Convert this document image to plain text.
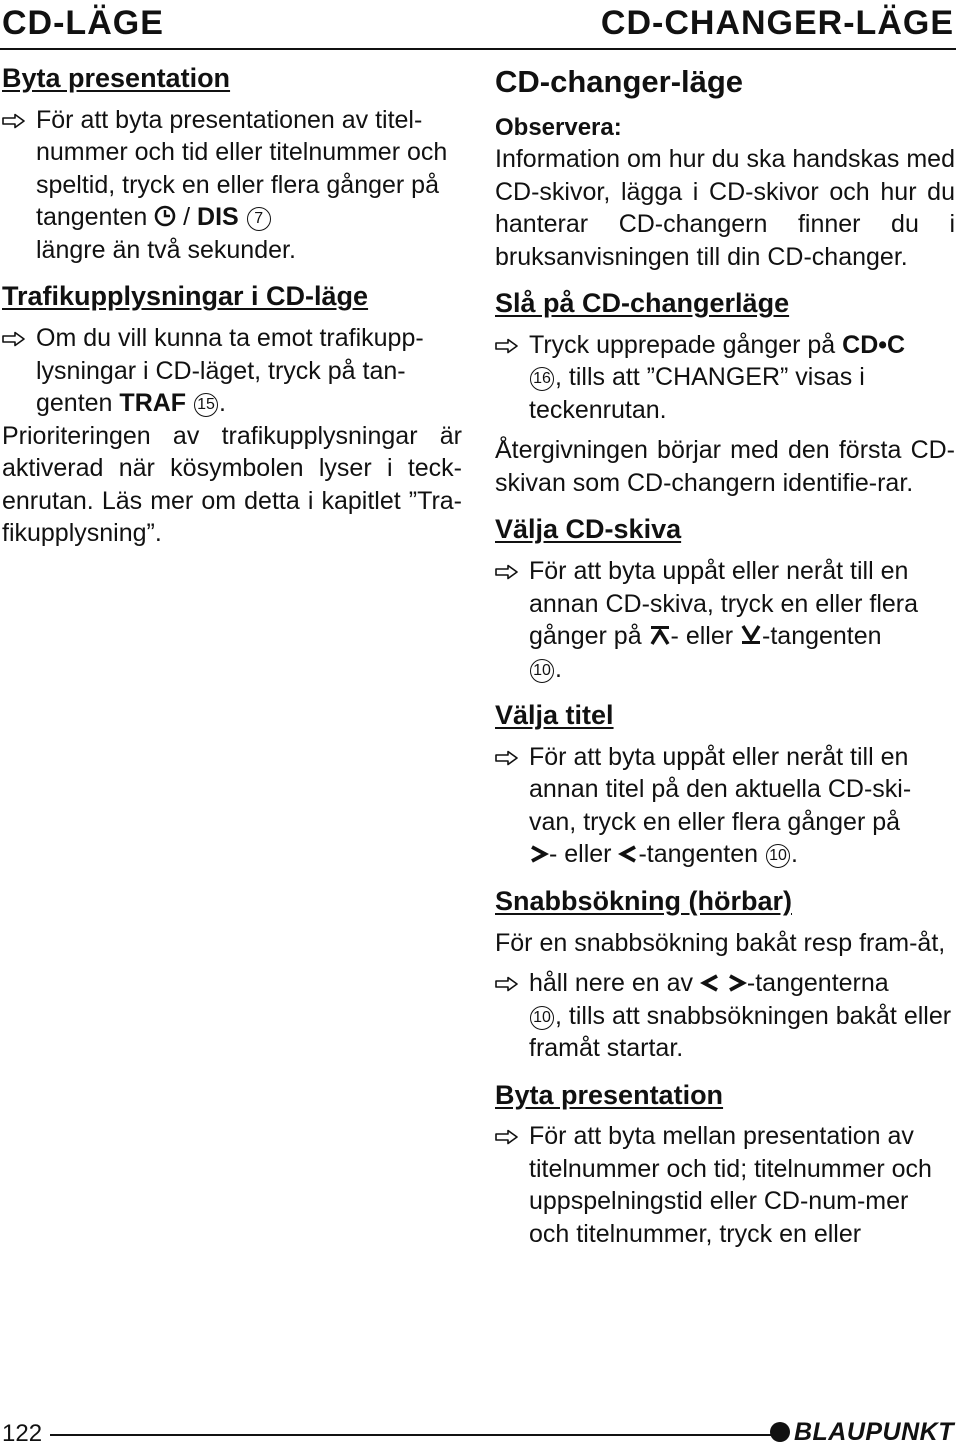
CD-LÄGE	CD-CHANGER-LÄGE
Byta presentation

För att byta presentationen av titel-nummer och tid eller titelnummer och speltid, tryck en eller flera gånger på tangenten  / DIS 7
längre än två sekunder.

Trafikupplysningar i CD-läge

Om du vill kunna ta emot trafikupp-lysningar i CD-läget, tryck på tan-genten TRAF 15 .

Prioriteringen av trafikupplysningar är aktiverad när kösymbolen lyser i teck-enrutan. Läs mer om detta i kapitlet ”Tra-fikupplysning”.

CD-changer-läge
Observera:

Information om hur du ska handskas med CD-skivor, lägga i CD-skivor och hur du hanterar CD-changern finner du i bruksanvisningen till din CD-changer.

Slå på CD-changerläge

Tryck upprepade gånger på CD•C
16 , tills att ”CHANGER” visas i teckenrutan.

Återgivningen börjar med den första CD-skivan som CD-changern identifie-rar.

Välja CD-skiva

För att byta uppåt eller neråt till en annan CD-skiva, tryck en eller flera gånger på - eller -tangenten
10 .

Välja titel

För att byta uppåt eller neråt till en annan titel på den aktuella CD-ski-van, tryck en eller flera gånger på
- eller -tangenten 10 .

Snabbsökning (hörbar)

För en snabbsökning bakåt resp fram-åt,

håll nere en av  -tangenterna
10 , tills att snabbsökningen bakåt eller framåt startar.

Byta presentation

För att byta mellan presentation av titelnummer och tid; titelnummer och uppspelningstid eller CD-num-mer och titelnummer, tryck en eller

122	BLAUPUNKT
